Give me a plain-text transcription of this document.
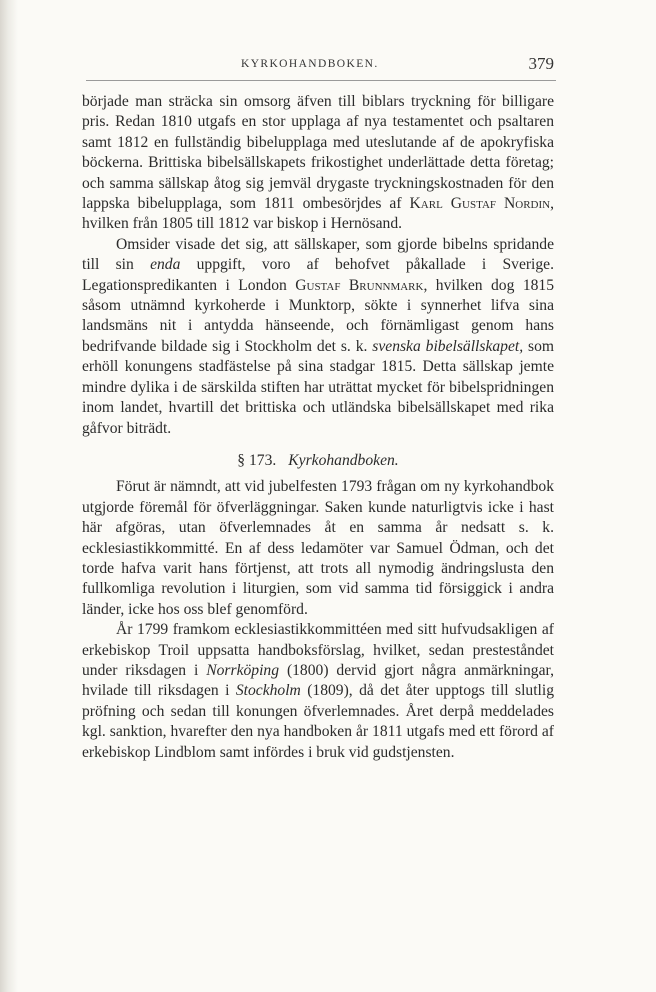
KYRKOHANDBOKEN.	379

började man sträcka sin omsorg äfven till biblars tryckning för billigare pris. Redan 1810 utgafs en stor upplaga af nya testamentet och psaltaren samt 1812 en fullständig bibelupplaga med uteslutande af de apokryfiska böckerna. Brittiska bibelsällskapets frikostighet underlättade detta företag; och samma sällskap åtog sig jemväl drygaste tryckningskostnaden för den lappska bibelupplaga, som 1811 ombesörjdes af Karl Gustaf Nordin, hvilken från 1805 till 1812 var biskop i Hernösand.

Omsider visade det sig, att sällskaper, som gjorde bibelns spridande till sin enda uppgift, voro af behofvet påkallade i Sverige. Legationspredikanten i London Gustaf Brunnmark, hvilken dog 1815 såsom utnämnd kyrkoherde i Munktorp, sökte i synnerhet lifva sina landsmäns nit i antydda hänseende, och förnämligast genom hans bedrifvande bildade sig i Stockholm det s. k. svenska bibelsällskapet, som erhöll konungens stadfästelse på sina stadgar 1815. Detta sällskap jemte mindre dylika i de särskilda stiften har uträttat mycket för bibelspridningen inom landet, hvartill det brittiska och utländska bibelsällskapet med rika gåfvor biträdt.

§ 173. Kyrkohandboken.

Förut är nämndt, att vid jubelfesten 1793 frågan om ny kyrkohandbok utgjorde föremål för öfverläggningar. Saken kunde naturligtvis icke i hast här afgöras, utan öfverlemnades åt en samma år nedsatt s. k. ecklesiastikkommitté. En af dess ledamöter var Samuel Ödman, och det torde hafva varit hans förtjenst, att trots all nymodig ändringslusta den fullkomliga revolution i liturgien, som vid samma tid försiggick i andra länder, icke hos oss blef genomförd.

År 1799 framkom ecklesiastikkommittéen med sitt hufvudsakligen af erkebiskop Troil uppsatta handboksförslag, hvilket, sedan presteståndet under riksdagen i Norrköping (1800) dervid gjort några anmärkningar, hvilade till riksdagen i Stockholm (1809), då det åter upptogs till slutlig pröfning och sedan till konungen öfverlemnades. Året derpå meddelades kgl. sanktion, hvarefter den nya handboken år 1811 utgafs med ett förord af erkebiskop Lindblom samt infördes i bruk vid gudstjensten.
